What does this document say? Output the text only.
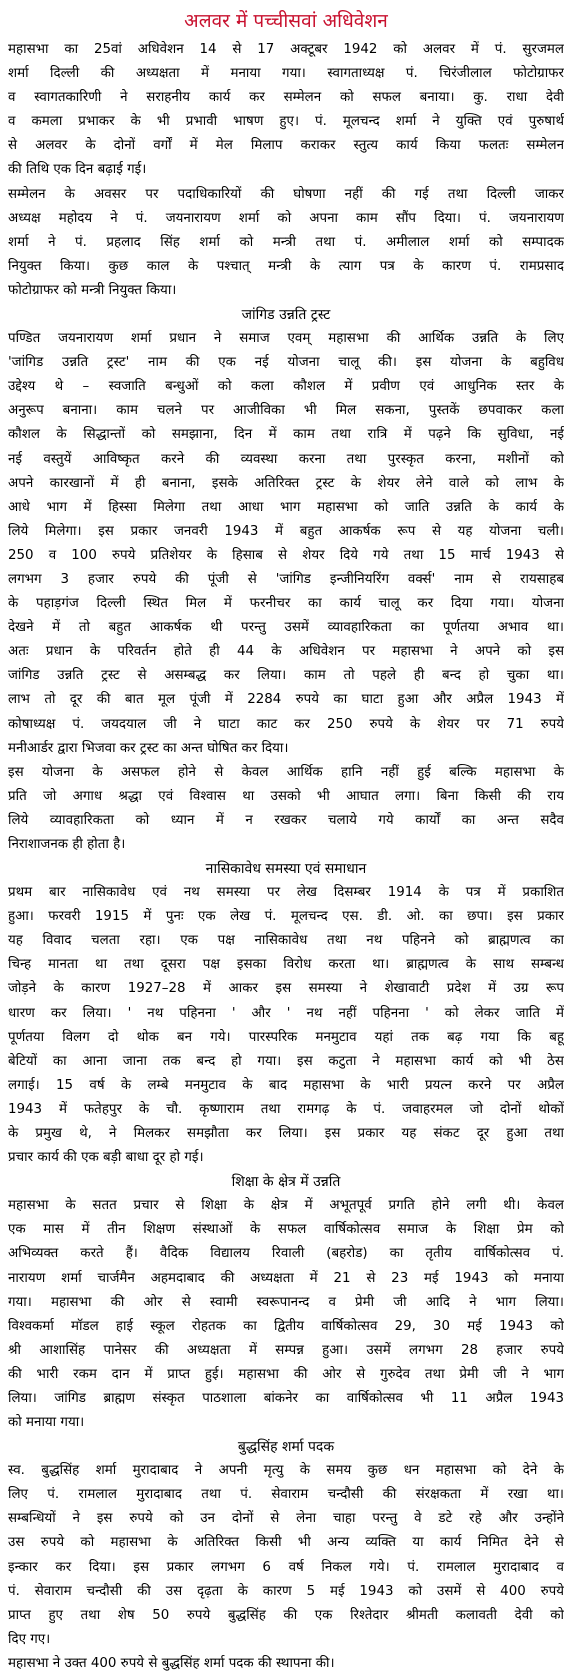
अलवर में पच्चीसवां अधिवेशन
महासभा का 25वां अधिवेशन 14 से 17 अक्टूबर 1942 को अलवर में पं. सुरजमल
शर्मा दिल्ली की अध्यक्षता में मनाया गया। स्वागताध्यक्ष पं. चिरंजीलाल फोटोग्राफर
व स्वागतकारिणी ने सराहनीय कार्य कर सम्मेलन को सफल बनाया। कु. राधा देवी
व कमला प्रभाकर के भी प्रभावी भाषण हुए। पं. मूलचन्द शर्मा ने युक्ति एवं पुरुषार्थ
से अलवर के दोनों वर्गों में मेल मिलाप कराकर स्तुत्य कार्य किया फलतः सम्मेलन
की तिथि एक दिन बढ़ाई गई।
सम्मेलन के अवसर पर पदाधिकारियों की घोषणा नहीं की गई तथा दिल्ली जाकर
अध्यक्ष महोदय ने पं. जयनारायण शर्मा को अपना काम सौंप दिया। पं. जयनारायण
शर्मा ने पं. प्रहलाद सिंह शर्मा को मन्त्री तथा पं. अमीलाल शर्मा को सम्पादक
नियुक्त किया। कुछ काल के पश्चात् मन्त्री के त्याग पत्र के कारण पं. रामप्रसाद
फोटोग्राफर को मन्त्री नियुक्त किया।
जांगिड उन्नति ट्रस्ट
पण्डित जयनारायण शर्मा प्रधान ने समाज एवम् महासभा की आर्थिक उन्नति के लिए
'जांगिड उन्नति ट्रस्ट' नाम की एक नई योजना चालू की। इस योजना के बहुविध
उद्देश्य थे – स्वजाति बन्धुओं को कला कौशल में प्रवीण एवं आधुनिक स्तर के
अनुरूप बनाना। काम चलने पर आजीविका भी मिल सकना, पुस्तकें छपवाकर कला
कौशल के सिद्धान्तों को समझाना, दिन में काम तथा रात्रि में पढ़ने कि सुविधा, नई
नई वस्तुयें आविष्कृत करने की व्यवस्था करना तथा पुरस्कृत करना, मशीनों को
अपने कारखानों में ही बनाना, इसके अतिरिक्त ट्रस्ट के शेयर लेने वाले को लाभ के
आधे भाग में हिस्सा मिलेगा तथा आधा भाग महासभा को जाति उन्नति के कार्य के
लिये मिलेगा। इस प्रकार जनवरी 1943 में बहुत आकर्षक रूप से यह योजना चली।
250 व 100 रुपये प्रतिशेयर के हिसाब से शेयर दिये गये तथा 15 मार्च 1943 से
लगभग 3 हजार रुपये की पूंजी से 'जांगिड इन्जीनियरिंग वर्क्स' नाम से रायसाहब
के पहाड़गंज दिल्ली स्थित मिल में फरनीचर का कार्य चालू कर दिया गया। योजना
देखने में तो बहुत आकर्षक थी परन्तु उसमें व्यावहारिकता का पूर्णतया अभाव था।
अतः प्रधान के परिवर्तन होते ही 44 के अधिवेशन पर महासभा ने अपने को इस
जांगिड उन्नति ट्रस्ट से असम्बद्ध कर लिया। काम तो पहले ही बन्द हो चुका था।
लाभ तो दूर की बात मूल पूंजी में 2284 रुपये का घाटा हुआ और अप्रैल 1943 में
कोषाध्यक्ष पं. जयदयाल जी ने घाटा काट कर 250 रुपये के शेयर पर 71 रुपये
मनीआर्डर द्वारा भिजवा कर ट्रस्ट का अन्त घोषित कर दिया।
इस योजना के असफल होने से केवल आर्थिक हानि नहीं हुई बल्कि महासभा के
प्रति जो अगाध श्रद्धा एवं विश्वास था उसको भी आघात लगा। बिना किसी की राय
लिये व्यावहारिकता को ध्यान में न रखकर चलाये गये कार्यों का अन्त सदैव
निराशाजनक ही होता है।
नासिकावेध समस्या एवं समाधान
प्रथम बार नासिकावेध एवं नथ समस्या पर लेख दिसम्बर 1914 के पत्र में प्रकाशित
हुआ। फरवरी 1915 में पुनः एक लेख पं. मूलचन्द एस. डी. ओ. का छपा। इस प्रकार
यह विवाद चलता रहा। एक पक्ष नासिकावेध तथा नथ पहिनने को ब्राह्मणत्व का
चिन्ह मानता था तथा दूसरा पक्ष इसका विरोध करता था। ब्राह्मणत्व के साथ सम्बन्ध
जोड़ने के कारण 1927–28 में आकर इस समस्या ने शेखावाटी प्रदेश में उग्र रूप
धारण कर लिया। ' नथ पहिनना ' और ' नथ नहीं पहिनना ' को लेकर जाति में
पूर्णतया विलग दो थोक बन गये। पारस्परिक मनमुटाव यहां तक बढ़ गया कि बहू
बेटियों का आना जाना तक बन्द हो गया। इस कटुता ने महासभा कार्य को भी ठेस
लगाई। 15 वर्ष के लम्बे मनमुटाव के बाद महासभा के भारी प्रयत्न करने पर अप्रैल
1943 में फतेहपुर के चौ. कृष्णाराम तथा रामगढ़ के पं. जवाहरमल जो दोनों थोकों
के प्रमुख थे, ने मिलकर समझौता कर लिया। इस प्रकार यह संकट दूर हुआ तथा
प्रचार कार्य की एक बड़ी बाधा दूर हो गई।
शिक्षा के क्षेत्र में उन्नति
महासभा के सतत प्रचार से शिक्षा के क्षेत्र में अभूतपूर्व प्रगति होने लगी थी। केवल
एक मास में तीन शिक्षण संस्थाओं के सफल वार्षिकोत्सव समाज के शिक्षा प्रेम को
अभिव्यक्त करते हैं। वैदिक विद्यालय रिवाली (बहरोड) का तृतीय वार्षिकोत्सव पं.
नारायण शर्मा चार्जमैन अहमदाबाद की अध्यक्षता में 21 से 23 मई 1943 को मनाया
गया। महासभा की ओर से स्वामी स्वरूपानन्द व प्रेमी जी आदि ने भाग लिया।
विश्वकर्मा मॉडल हाई स्कूल रोहतक का द्वितीय वार्षिकोत्सव 29, 30 मई 1943 को
श्री आशासिंह पानेसर की अध्यक्षता में सम्पन्न हुआ। उसमें लगभग 28 हजार रुपये
की भारी रकम दान में प्राप्त हुई। महासभा की ओर से गुरुदेव तथा प्रेमी जी ने भाग
लिया। जांगिड ब्राह्मण संस्कृत पाठशाला बांकनेर का वार्षिकोत्सव भी 11 अप्रैल 1943
को मनाया गया।
बुद्धसिंह शर्मा पदक
स्व. बुद्धसिंह शर्मा मुरादाबाद ने अपनी मृत्यु के समय कुछ धन महासभा को देने के
लिए पं. रामलाल मुरादाबाद तथा पं. सेवाराम चन्दौसी की संरक्षकता में रखा था।
सम्बन्धियों ने इस रुपये को उन दोनों से लेना चाहा परन्तु वे डटे रहे और उन्होंने
उस रुपये को महासभा के अतिरिक्त किसी भी अन्य व्यक्ति या कार्य निमित देने से
इन्कार कर दिया। इस प्रकार लगभग 6 वर्ष निकल गये। पं. रामलाल मुरादाबाद व
पं. सेवाराम चन्दौसी की उस दृढ़ता के कारण 5 मई 1943 को उसमें से 400 रुपये
प्राप्त हुए तथा शेष 50 रुपये बुद्धसिंह की एक रिश्तेदार श्रीमती कलावती देवी को
दिए गए।
महासभा ने उक्त 400 रुपये से बुद्धसिंह शर्मा पदक की स्थापना की।
